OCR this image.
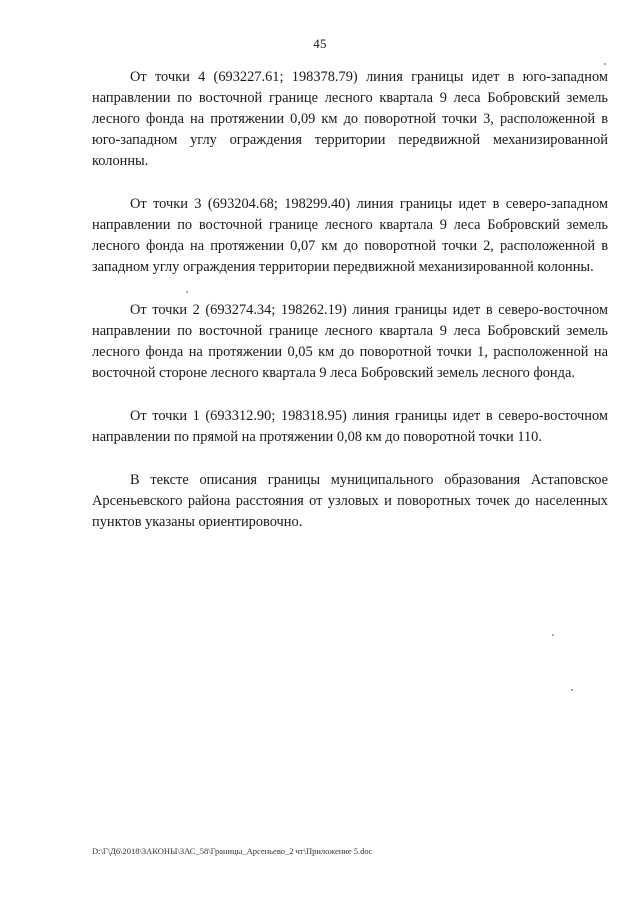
45

От точки 4 (693227.61; 198378.79) линия границы идет в юго-западном направлении по восточной границе лесного квартала 9 леса Бобровский земель лесного фонда на протяжении 0,09 км до поворотной точки 3, расположенной в юго-западном углу ограждения территории передвижной механизированной колонны.

От точки 3 (693204.68; 198299.40) линия границы идет в северо-западном направлении по восточной границе лесного квартала 9 леса Бобровский земель лесного фонда на протяжении 0,07 км до поворотной точки 2, расположенной в западном углу ограждения территории передвижной механизированной колонны.

От точки 2 (693274.34; 198262.19) линия границы идет в северо-восточном направлении по восточной границе лесного квартала 9 леса Бобровский земель лесного фонда на протяжении 0,05 км до поворотной точки 1, расположенной на восточной стороне лесного квартала 9 леса Бобровский земель лесного фонда.

От точки 1 (693312.90; 198318.95) линия границы идет в северо-восточном направлении по прямой на протяжении 0,08 км до поворотной точки 110.

В тексте описания границы муниципального образования Астаповское Арсеньевского района расстояния от узловых и поворотных точек до населенных пунктов указаны ориентировочно.

D:\Г\Д6\2018\ЗАКОНЫ\ЗАС_58\Границы_Арсеньево_2 чт\Приложение 5.doc
